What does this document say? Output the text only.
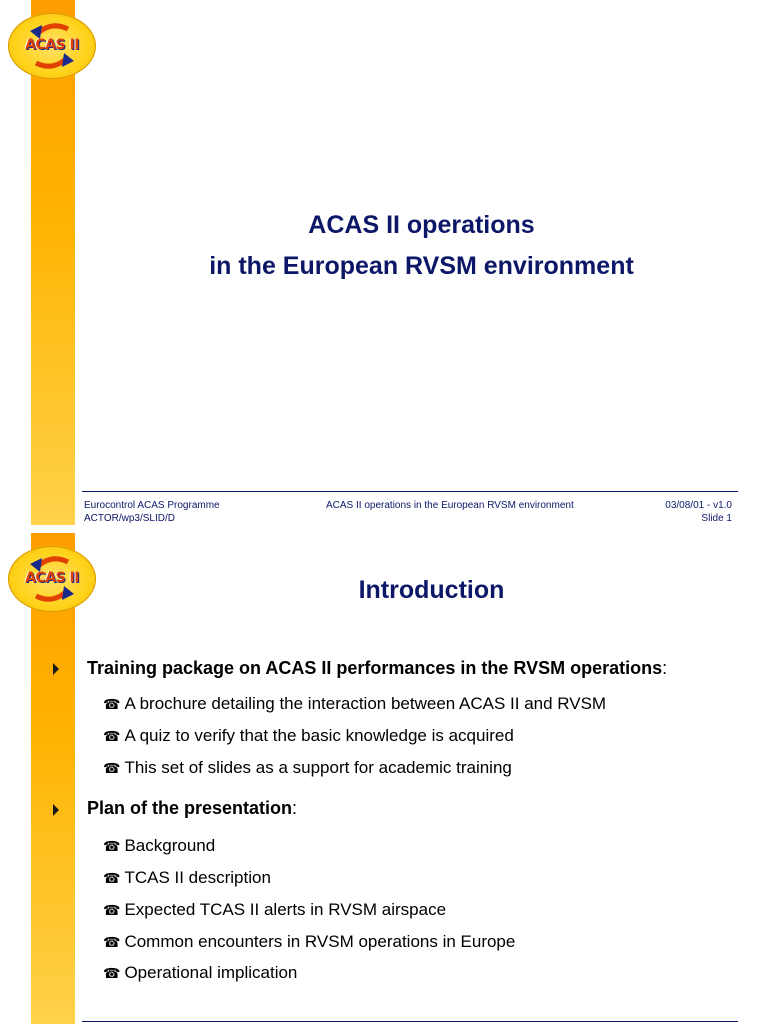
ACAS II
ACAS II operations
in the European RVSM environment
Eurocontrol ACAS Programme
ACTOR/wp3/SLID/D
ACAS II operations in the European RVSM environment	03/08/01 - v1.0
Slide 1
ACAS II	Introduction
Training package on ACAS II performances in the RVSM operations:
☎ A brochure detailing the interaction between ACAS II and RVSM
☎ A quiz to verify that the basic knowledge is acquired
☎ This set of slides as a support for academic training
Plan of the presentation:
☎ Background
☎ TCAS II description
☎ Expected TCAS II alerts in RVSM airspace
☎ Common encounters in RVSM operations in Europe
☎ Operational implication
